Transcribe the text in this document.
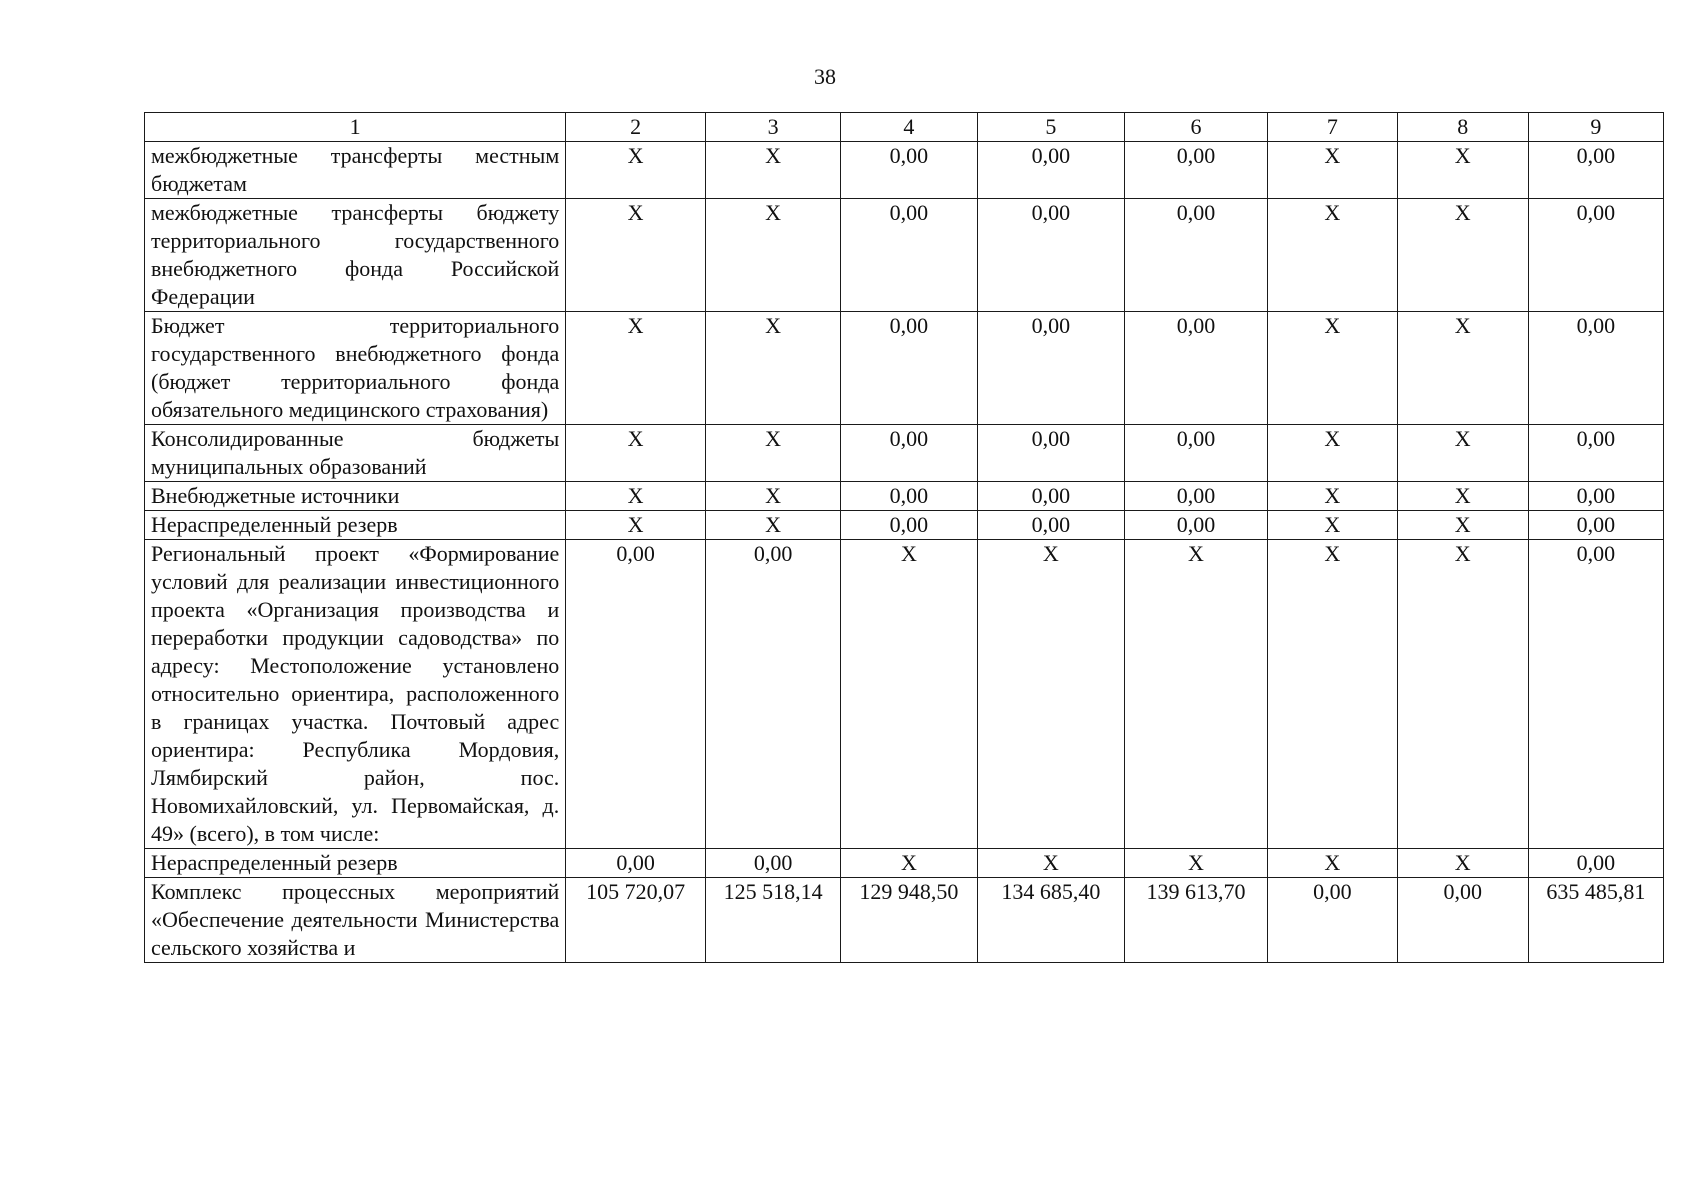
38
1	2	3	4	5	6	7	8	9
межбюджетные трансферты местным бюджетам	X	X	0,00	0,00	0,00	X	X	0,00
межбюджетные трансферты бюджету территориального государственного внебюджетного фонда Российской Федерации	X	X	0,00	0,00	0,00	X	X	0,00
Бюджет территориального государственного внебюджетного фонда (бюджет территориального фонда обязательного медицинского страхования)	X	X	0,00	0,00	0,00	X	X	0,00
Консолидированные бюджеты муниципальных образований	X	X	0,00	0,00	0,00	X	X	0,00
Внебюджетные источники	X	X	0,00	0,00	0,00	X	X	0,00
Нераспределенный резерв	X	X	0,00	0,00	0,00	X	X	0,00
Региональный проект «Формирование условий для реализации инвестиционного проекта «Организация производства и переработки продукции садоводства» по адресу: Местоположение установлено относительно ориентира, расположенного в границах участка. Почтовый адрес ориентира: Республика Мордовия, Лямбирский район, пос. Новомихайловский, ул. Первомайская, д. 49» (всего), в том числе:	0,00	0,00	X	X	X	X	X	0,00
Нераспределенный резерв	0,00	0,00	X	X	X	X	X	0,00
Комплекс процессных мероприятий «Обеспечение деятельности Министерства сельского хозяйства и	105 720,07	125 518,14	129 948,50	134 685,40	139 613,70	0,00	0,00	635 485,81
